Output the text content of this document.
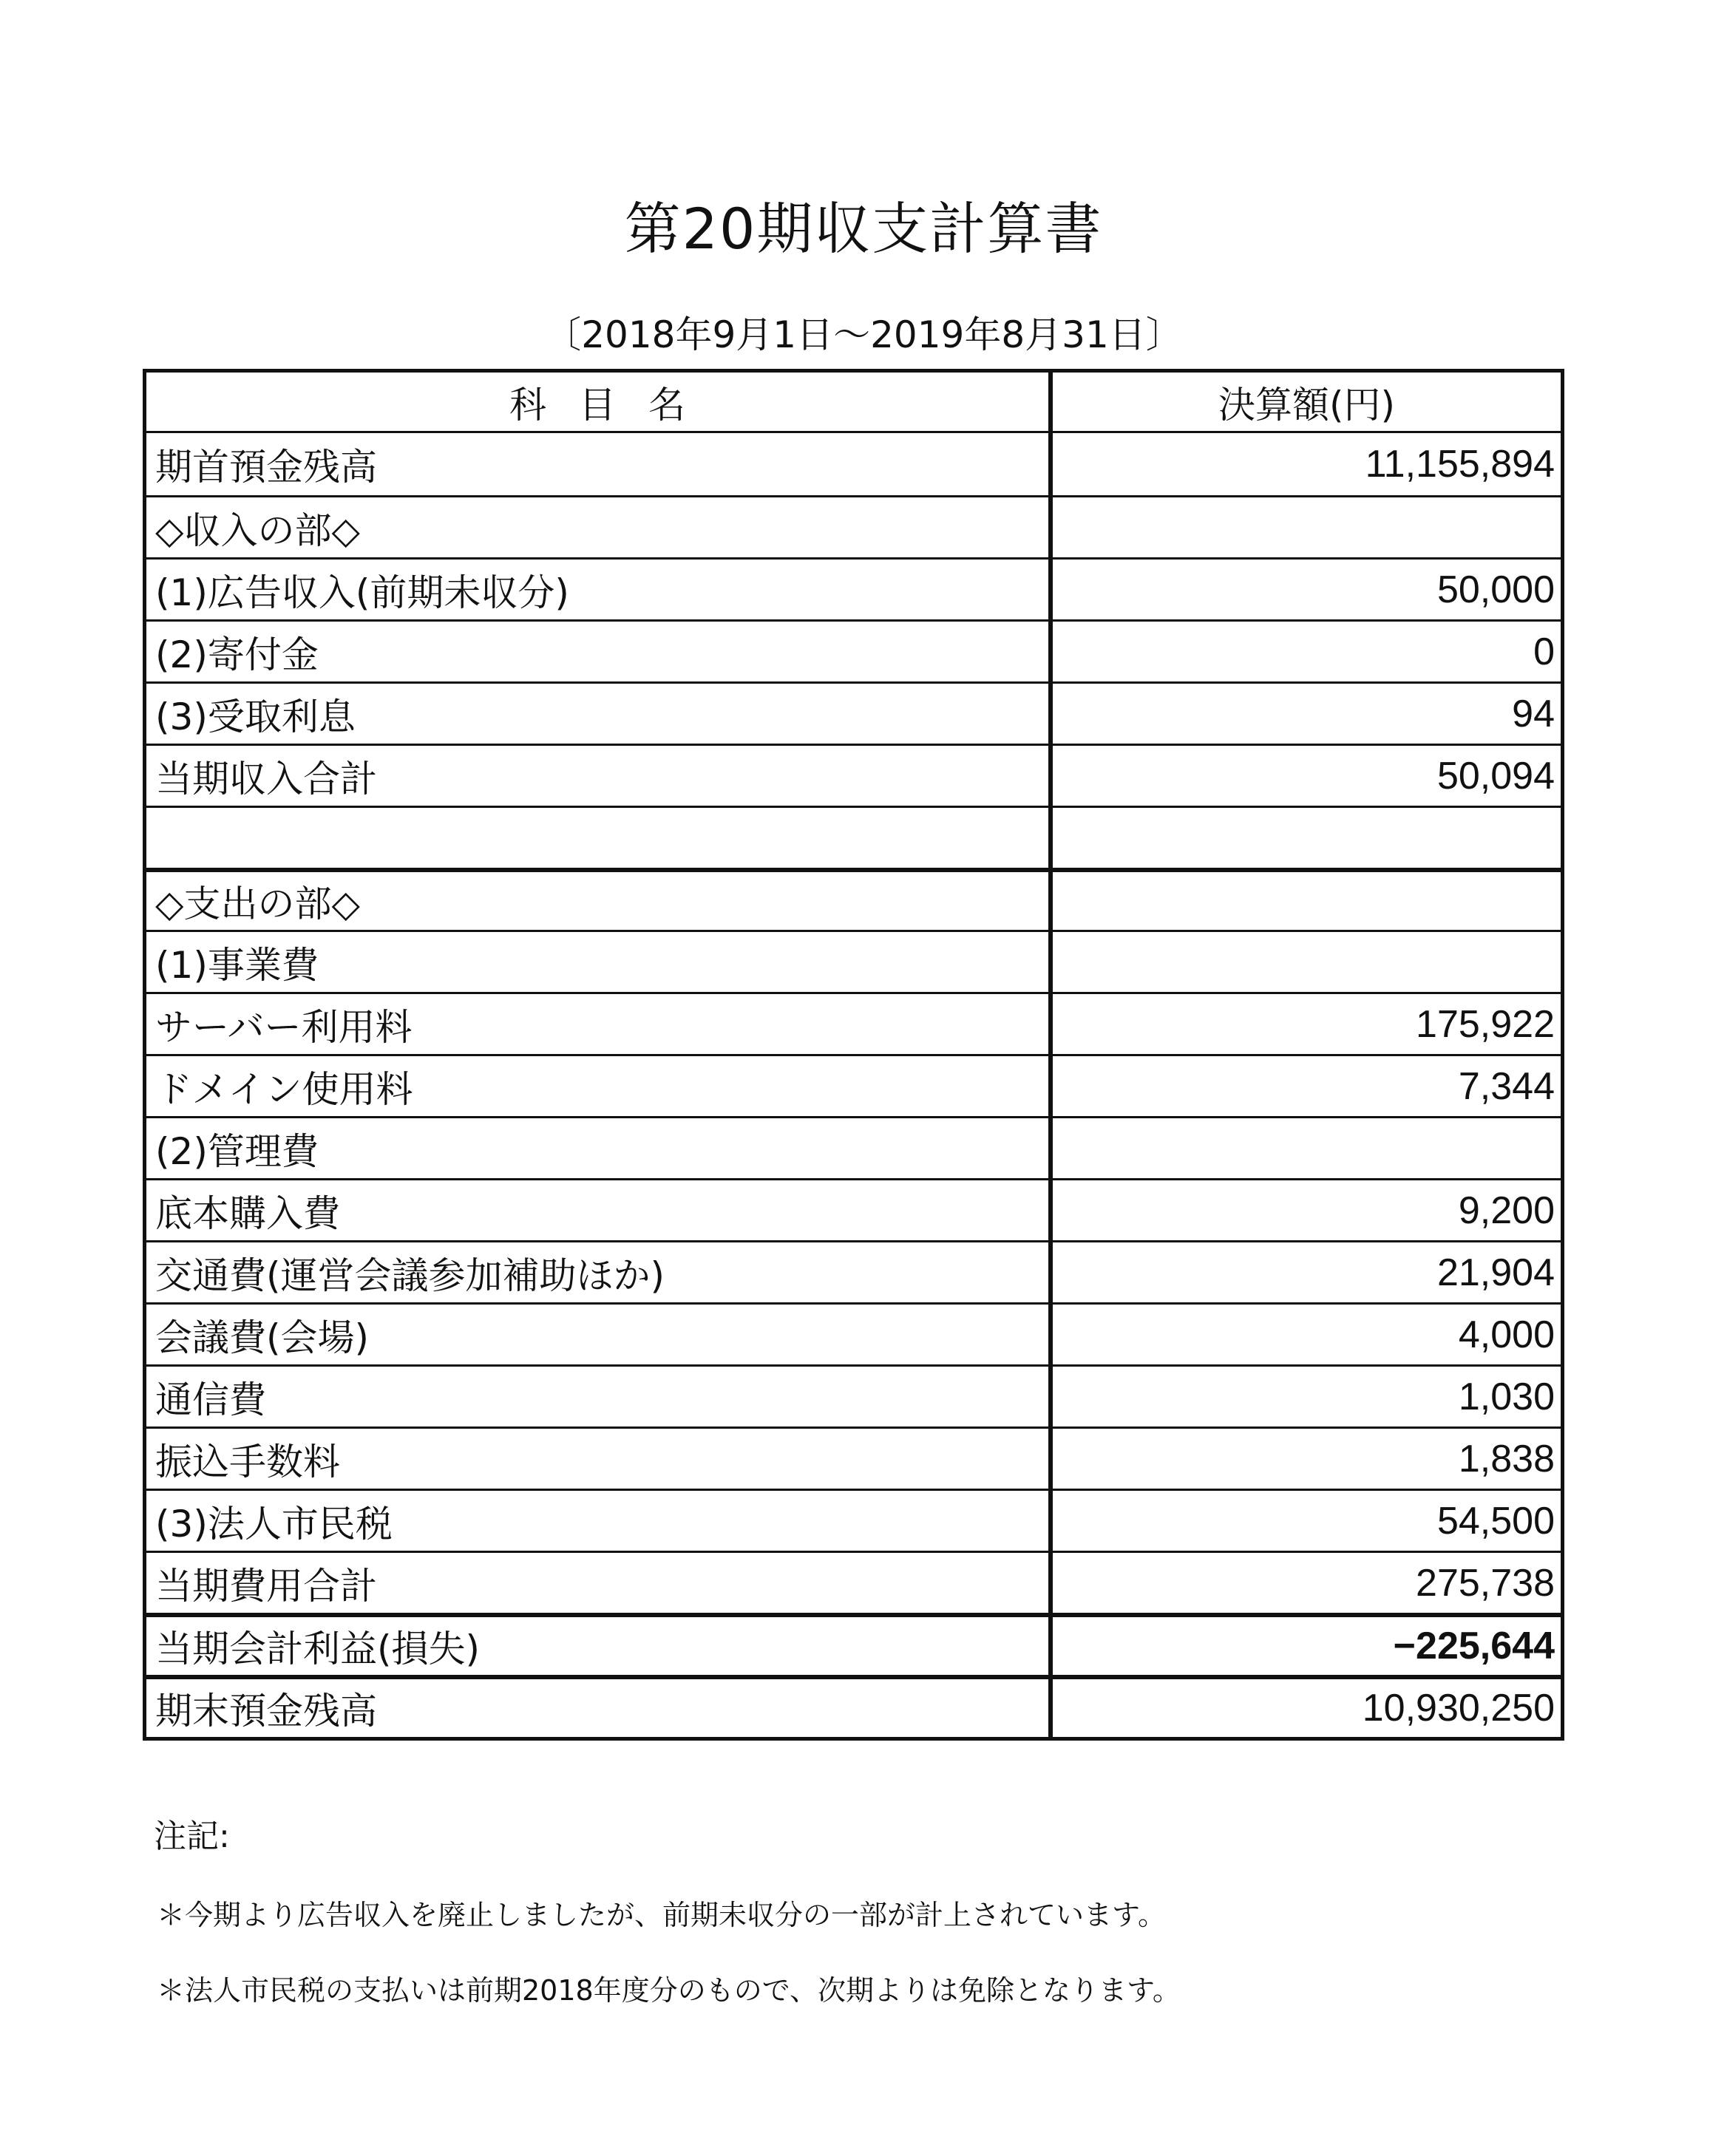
第20期収支計算書
〔2018年9月1日～2019年8月31日〕
科目名	決算額(円)
期首預金残高	11,155,894
◇収入の部◇
(1)広告収入(前期未収分)	50,000
(2)寄付金	0
(3)受取利息	94
当期収入合計	50,094
◇支出の部◇
(1)事業費
サーバー利用料	175,922
ドメイン使用料	7,344
(2)管理費
底本購入費	9,200
交通費(運営会議参加補助ほか)	21,904
会議費(会場)	4,000
通信費	1,030
振込手数料	1,838
(3)法人市民税	54,500
当期費用合計	275,738
当期会計利益(損失)	−225,644
期末預金残高	10,930,250
注記:
＊今期より広告収入を廃止しましたが、前期未収分の一部が計上されています。
＊法人市民税の支払いは前期2018年度分のもので、次期よりは免除となります。
